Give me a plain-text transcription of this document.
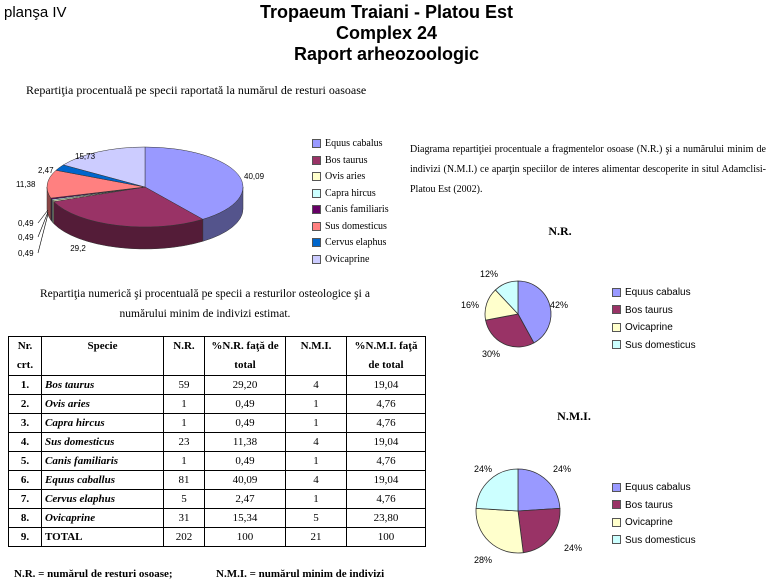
planşa IV	Tropaeum Traiani - Platou Est
Complex 24
Raport arheozoologic
Repartiţia procentuală pe specii raportată la numărul de resturi oasoase
40,09
29,2
0,49
0,49
0,49
11,38
2,47
15,73
Equus cabalus
Bos taurus
Ovis aries
Capra hircus
Canis familiaris
Sus domesticus
Cervus elaphus
Ovicaprine
Diagrama repartiţiei procentuale a fragmentelor osoase (N.R.) şi a numărului minim de indivizi (N.M.I.) ce aparţin speciilor de interes alimentar descoperite in situl Adamclisi-Platou Est (2002).
N.R.
42%
30%
16%
12%
Equus cabalus
Bos taurus
Ovicaprine
Sus domesticus
N.M.I.
24%
24%
28%
24%
Equus cabalus
Bos taurus
Ovicaprine
Sus domesticus
Repartiţia numerică şi procentuală pe specii a resturilor osteologice şi a numărului minim de indivizi estimat.
Nr. crt.	Specie	N.R.	%N.R. faţă de total	N.M.I.	%N.M.I. faţă de total
1.	Bos taurus	59	29,20	4	19,04
2.	Ovis aries	1	0,49	1	4,76
3.	Capra hircus	1	0,49	1	4,76
4.	Sus domesticus	23	11,38	4	19,04
5.	Canis familiaris	1	0,49	1	4,76
6.	Equus caballus	81	40,09	4	19,04
7.	Cervus elaphus	5	2,47	1	4,76
8.	Ovicaprine	31	15,34	5	23,80
9.	TOTAL	202	100	21	100
N.R. = numărul de resturi osoase;	N.M.I. = numărul minim de indivizi
